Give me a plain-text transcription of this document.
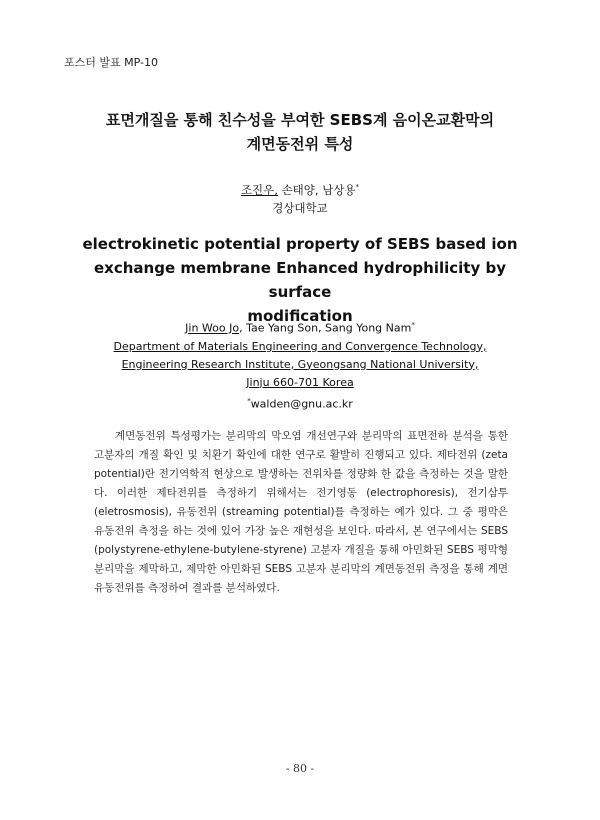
포스터 발표 MP-10
표면개질을 통해 친수성을 부여한 SEBS계 음이온교환막의
계면동전위 특성
조진우, 손태양, 남상용*
경상대학교
electrokinetic potential property of SEBS based ion
exchange membrane Enhanced hydrophilicity by surface
modification
Jin Woo Jo, Tae Yang Son, Sang Yong Nam*
Department of Materials Engineering and Convergence Technology,
Engineering Research Institute, Gyeongsang National University,
Jinju 660-701 Korea
*walden@gnu.ac.kr

계면동전위 특성평가는 분리막의 막오염 개선연구와 분리막의 표면전하 분석을 통한 고분자의 개질 확인 및 치환기 확인에 대한 연구로 활발히 진행되고 있다. 제타전위 (zeta potential)란 전기역학적 현상으로 발생하는 전위차를 정량화 한 값을 측정하는 것을 말한다. 이러한 제타전위를 측정하기 위해서는 전기영동 (electrophoresis), 전기삼투 (eletrosmosis), 유동전위 (streaming potential)를 측정하는 예가 있다. 그 중 평막은 유동전위 측정을 하는 것에 있어 가장 높은 재현성을 보인다. 따라서, 본 연구에서는 SEBS (polystyrene-ethylene-butylene-styrene) 고분자 개질을 통해 아민화된 SEBS 평막형 분리막을 제막하고, 제막한 아민화된 SEBS 고분자 분리막의 계면동전위 측정을 통해 계면 유동전위를 측정하여 결과를 분석하였다.

- 80 -
